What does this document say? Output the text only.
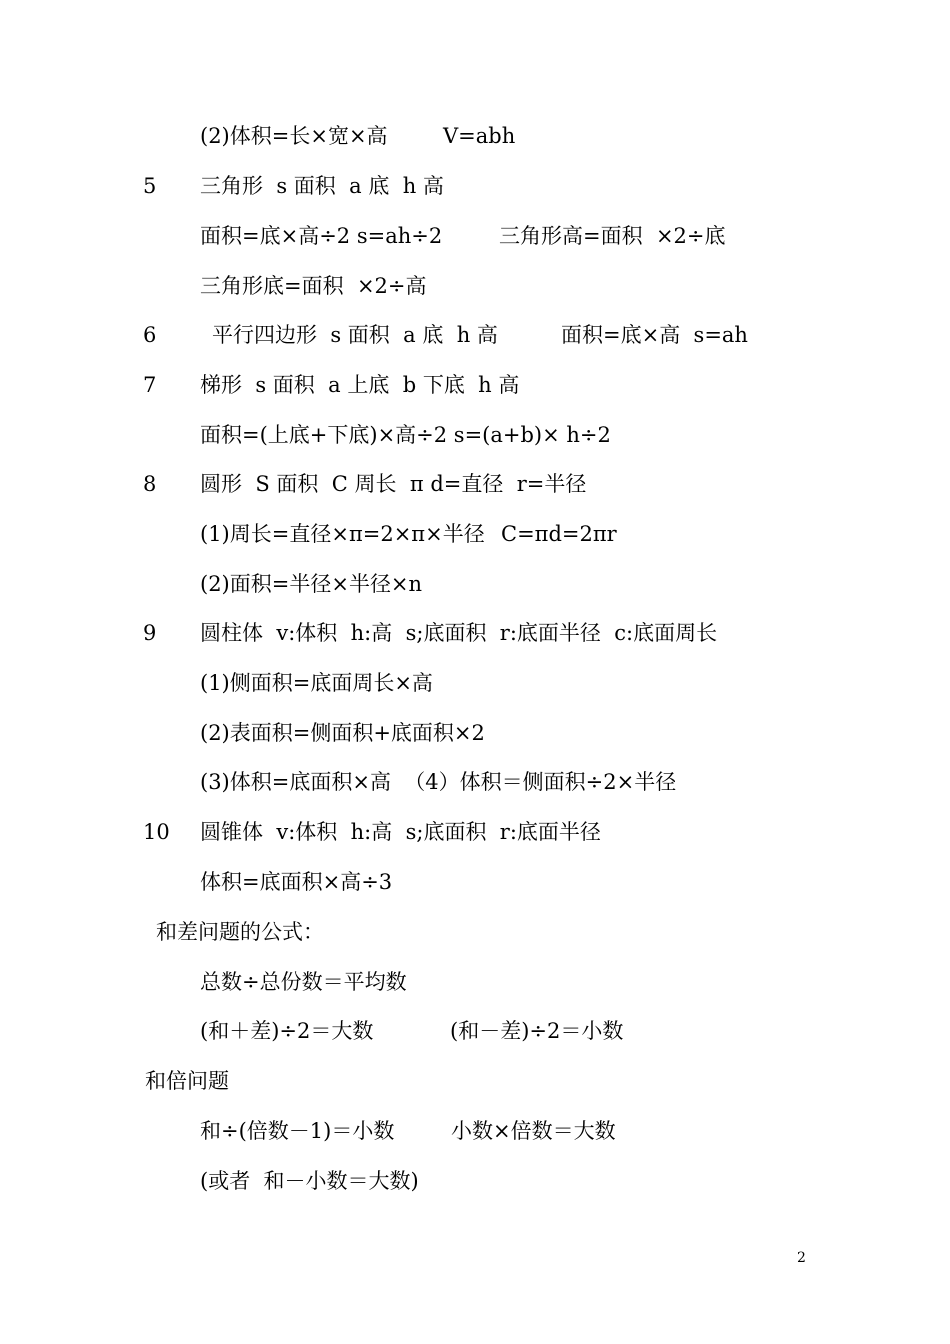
(2)体积=长×宽×高	V=abh
5 三角形  s 面积  a 底  h 高
面积=底×高÷2 s=ah÷2	三角形高=面积  ×2÷底
三角形底=面积  ×2÷高
6	平行四边形  s 面积  a 底  h 高	面积=底×高  s=ah
7 梯形  s 面积  a 上底  b 下底  h 高
面积=(上底+下底)×高÷2 s=(a+b)× h÷2
8 圆形  S 面积  C 周长  π d=直径  r=半径
(1)周长=直径×π=2×π×半径 C=πd=2πr
(2)面积=半径×半径×n
9 圆柱体  v:体积  h:高  s;底面积  r:底面半径  c:底面周长
(1)侧面积=底面周长×高
(2)表面积=侧面积+底面积×2
(3)体积=底面积×高  （4）体积＝侧面积÷2×半径
10 圆锥体  v:体积  h:高  s;底面积  r:底面半径
体积=底面积×高÷3
和差问题的公式：
总数÷总份数＝平均数
(和＋差)÷2＝大数	(和－差)÷2＝小数
和倍问题
和÷(倍数－1)＝小数	小数×倍数＝大数
(或者  和－小数＝大数)
2
